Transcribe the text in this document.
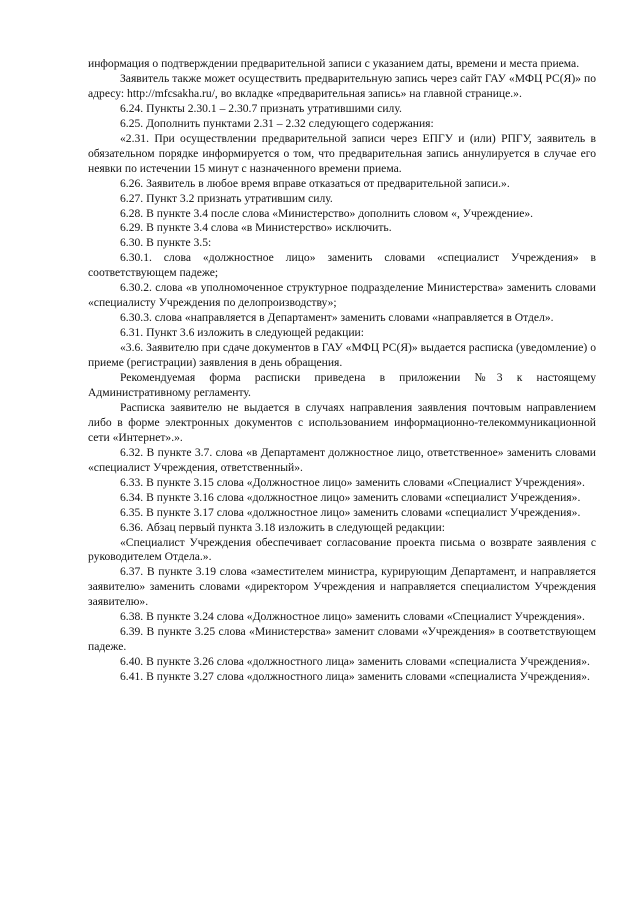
информация о подтверждении предварительной записи с указанием даты, времени и места приема.

Заявитель также может осуществить предварительную запись через сайт ГАУ «МФЦ РС(Я)» по адресу: http://mfcsakha.ru/, во вкладке «предварительная запись» на главной странице.».

6.24. Пункты 2.30.1 – 2.30.7 признать утратившими силу.

6.25. Дополнить пунктами 2.31 – 2.32 следующего содержания:

«2.31. При осуществлении предварительной записи через ЕПГУ и (или) РПГУ, заявитель в обязательном порядке информируется о том, что предварительная запись аннулируется в случае его неявки по истечении 15 минут с назначенного времени приема.

6.26. Заявитель в любое время вправе отказаться от предварительной записи.».

6.27. Пункт 3.2 признать утратившим силу.

6.28. В пункте 3.4 после слова «Министерство» дополнить словом «, Учреждение».

6.29. В пункте 3.4 слова «в Министерство» исключить.

6.30. В пункте 3.5:

6.30.1. слова «должностное лицо» заменить словами «специалист Учреждения» в соответствующем падеже;

6.30.2. слова «в уполномоченное структурное подразделение Министерства» заменить словами «специалисту Учреждения по делопроизводству»;

6.30.3. слова «направляется в Департамент» заменить словами «направляется в Отдел».

6.31. Пункт 3.6 изложить в следующей редакции:

«3.6. Заявителю при сдаче документов в ГАУ «МФЦ РС(Я)» выдается расписка (уведомление) о приеме (регистрации) заявления в день обращения.

Рекомендуемая форма расписки приведена в приложении №3 к настоящему Административному регламенту.

Расписка заявителю не выдается в случаях направления заявления почтовым направлением либо в форме электронных документов с использованием информационно-телекоммуникационной сети «Интернет».».

6.32. В пункте 3.7. слова «в Департамент должностное лицо, ответственное» заменить словами «специалист Учреждения, ответственный».

6.33. В пункте 3.15 слова «Должностное лицо» заменить словами «Специалист Учреждения».

6.34. В пункте 3.16 слова «должностное лицо» заменить словами «специалист Учреждения».

6.35. В пункте 3.17 слова «должностное лицо» заменить словами «специалист Учреждения».

6.36. Абзац первый пункта 3.18 изложить в следующей редакции:

«Специалист Учреждения обеспечивает согласование проекта письма о возврате заявления с руководителем Отдела.».

6.37. В пункте 3.19 слова «заместителем министра, курирующим Департамент, и направляется заявителю» заменить словами «директором Учреждения и направляется специалистом Учреждения заявителю».

6.38. В пункте 3.24 слова «Должностное лицо» заменить словами «Специалист Учреждения».

6.39. В пункте 3.25 слова «Министерства» заменит словами «Учреждения» в соответствующем падеже.

6.40. В пункте 3.26 слова «должностного лица» заменить словами «специалиста Учреждения».

6.41. В пункте 3.27 слова «должностного лица» заменить словами «специалиста Учреждения».
